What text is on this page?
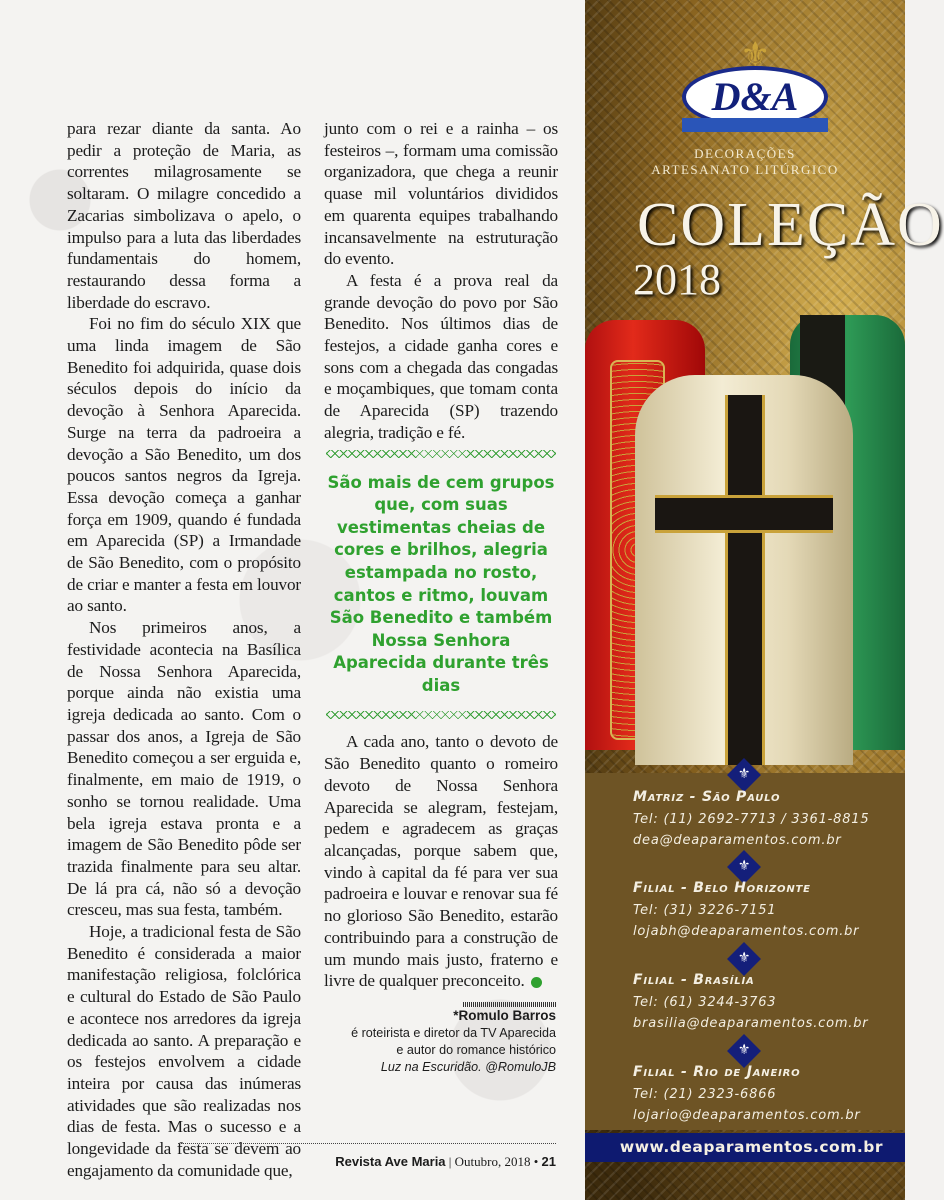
para rezar diante da santa. Ao pedir a proteção de Maria, as correntes milagrosamente se soltaram. O milagre concedido a Zacarias simbolizava o apelo, o impulso para a luta das liberdades fundamentais do homem, restaurando dessa forma a liberdade do escravo.

Foi no fim do século XIX que uma linda imagem de São Benedito foi adquirida, quase dois séculos depois do início da devoção à Senhora Aparecida. Surge na terra da padroeira a devoção a São Benedito, um dos poucos santos negros da Igreja. Essa devoção começa a ganhar força em 1909, quando é fundada em Aparecida (SP) a Irmandade de São Benedito, com o propósito de criar e manter a festa em louvor ao santo.

Nos primeiros anos, a festividade acontecia na Basílica de Nossa Senhora Aparecida, porque ainda não existia uma igreja dedicada ao santo. Com o passar dos anos, a Igreja de São Benedito começou a ser erguida e, finalmente, em maio de 1919, o sonho se tornou realidade. Uma bela igreja estava pronta e a imagem de São Benedito pôde ser trazida finalmente para seu altar. De lá pra cá, não só a devoção cresceu, mas sua festa, também.

Hoje, a tradicional festa de São Benedito é considerada a maior manifestação religiosa, folclórica e cultural do Estado de São Paulo e acontece nos arredores da igreja dedicada ao santo. A preparação e os festejos envolvem a cidade inteira por causa das inúmeras atividades que são realizadas nos dias de festa. Mas o sucesso e a longevidade da festa se devem ao engajamento da comunidade que,

junto com o rei e a rainha – os festeiros –, formam uma comissão organizadora, que chega a reunir quase mil voluntários divididos em quarenta equipes trabalhando incansavelmente na estruturação do evento.

A festa é a prova real da grande devoção do povo por São Benedito. Nos últimos dias de festejos, a cidade ganha cores e sons com a chegada das congadas e moçambiques, que tomam conta de Aparecida (SP) trazendo alegria, tradição e fé.

São mais de cem grupos que, com suas vestimentas cheias de cores e brilhos, alegria estampada no rosto, cantos e ritmo, louvam São Benedito e também Nossa Senhora Aparecida durante três dias

A cada ano, tanto o devoto de São Benedito quanto o romeiro devoto de Nossa Senhora Aparecida se alegram, festejam, pedem e agradecem as graças alcançadas, porque sabem que, vindo à capital da fé para ver sua padroeira e louvar e renovar sua fé no glorioso São Benedito, estarão contribuindo para a construção de um mundo mais justo, fraterno e livre de qualquer preconceito.

*Romulo Barros
é roteirista e diretor da TV Aparecida
e autor do romance histórico
Luz na Escuridão. @RomuloJB
Revista Ave Maria | Outubro, 2018 • 21
⚜
D&A
DECORAÇÕES
ARTESANATO LITÚRGICO
COLEÇÃO
2018
⚜
Matriz - São Paulo
Tel: (11) 2692-7713 / 3361-8815
dea@deaparamentos.com.br
⚜
Filial - Belo Horizonte
Tel: (31) 3226-7151
lojabh@deaparamentos.com.br
⚜
Filial - Brasília
Tel: (61) 3244-3763
brasilia@deaparamentos.com.br
⚜
Filial - Rio de Janeiro
Tel: (21) 2323-6866
lojario@deaparamentos.com.br
www.deaparamentos.com.br
